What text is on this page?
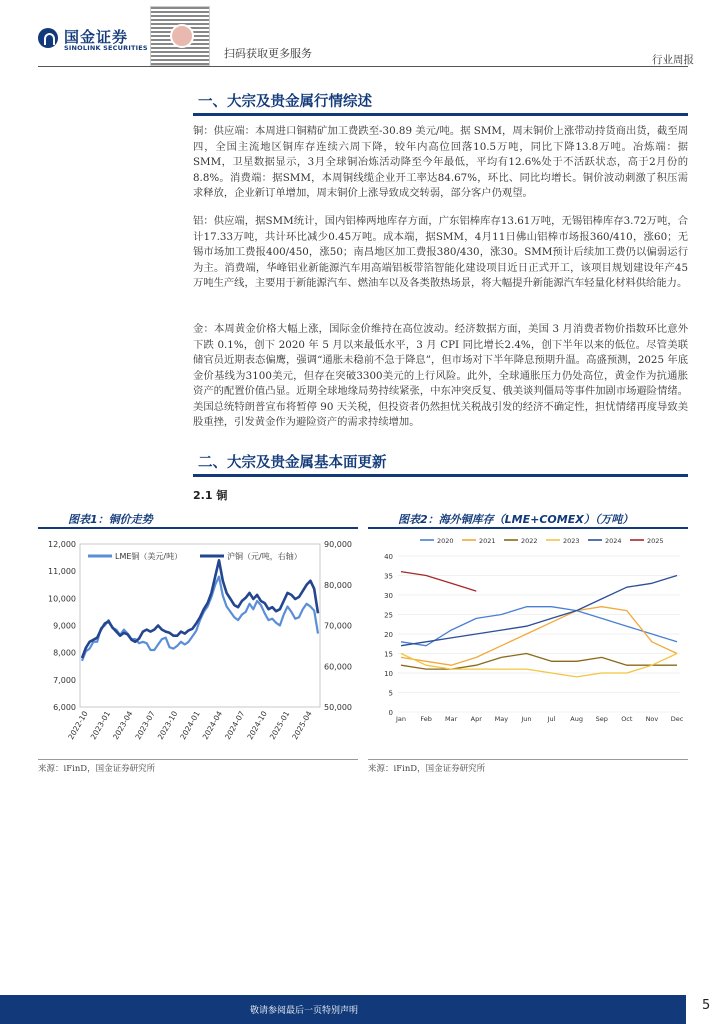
国金证券
SINOLINK SECURITIES	扫码获取更多服务	行业周报
一、大宗及贵金属行情综述
铜：供应端：本周进口铜精矿加工费跌至-30.89 美元/吨。据 SMM，周末铜价上涨带动持货商出货，截至周四，全国主流地区铜库存连续六周下降，较年内高位回落10.5万吨，同比下降13.8万吨。冶炼端：据SMM，卫星数据显示，3月全球铜冶炼活动降至今年最低，平均有12.6%处于不活跃状态，高于2月份的8.8%。消费端：据SMM，本周铜线缆企业开工率达84.67%，环比、同比均增长。铜价波动刺激了积压需求释放，企业新订单增加，周末铜价上涨导致成交转弱，部分客户仍观望。
铝：供应端，据SMM统计，国内铝棒两地库存方面，广东铝棒库存13.61万吨，无锡铝棒库存3.72万吨，合计17.33万吨，共计环比减少0.45万吨。成本端，据SMM，4月11日佛山铝棒市场报360/410，涨60；无锡市场加工费报400/450，涨50；南昌地区加工费报380/430，涨30。SMM预计后续加工费仍以偏弱运行为主。消费端，华峰铝业新能源汽车用高端铝板带箔智能化建设项目近日正式开工，该项目规划建设年产45万吨生产线，主要用于新能源汽车、燃油车以及各类散热场景，将大幅提升新能源汽车轻量化材料供给能力。
金：本周黄金价格大幅上涨，国际金价维持在高位波动。经济数据方面，美国 3 月消费者物价指数环比意外下跌 0.1%，创下 2020 年 5 月以来最低水平，3 月 CPI 同比增长2.4%，创下半年以来的低位。尽管美联储官员近期表态偏鹰，强调“通胀未稳前不急于降息”，但市场对下半年降息预期升温。高盛预测，2025 年底金价基线为3100美元，但存在突破3300美元的上行风险。此外，全球通胀压力仍处高位，黄金作为抗通胀资产的配置价值凸显。近期全球地缘局势持续紧张，中东冲突反复、俄美谈判僵局等事件加剧市场避险情绪。美国总统特朗普宣布将暂停 90 天关税，但投资者仍然担忧关税战引发的经济不确定性，担忧情绪再度导致美股重挫，引发黄金作为避险资产的需求持续增加。
二、大宗及贵金属基本面更新
2.1 铜
图表1：铜价走势
12,000
11,000
10,000
9,000
8,000
7,000
6,000
90,000
80,000
70,000
60,000
50,000
2022-10
2023-01
2023-04
2023-07
2023-10
2024-01
2024-04
2024-07
2024-10
2025-01
2025-04
LME铜（美元/吨）	沪铜（元/吨，右轴）
来源：iFinD，国金证券研究所
图表2：海外铜库存（LME+COMEX）（万吨）
40
35
30
25
20
15
10
5
0
Jan Feb Mar Apr May Jun Jul Aug Sep Oct Nov Dec
2020	2021	2022	2023	2024	2025
来源：iFinD，国金证券研究所
敬请参阅最后一页特别声明	5
